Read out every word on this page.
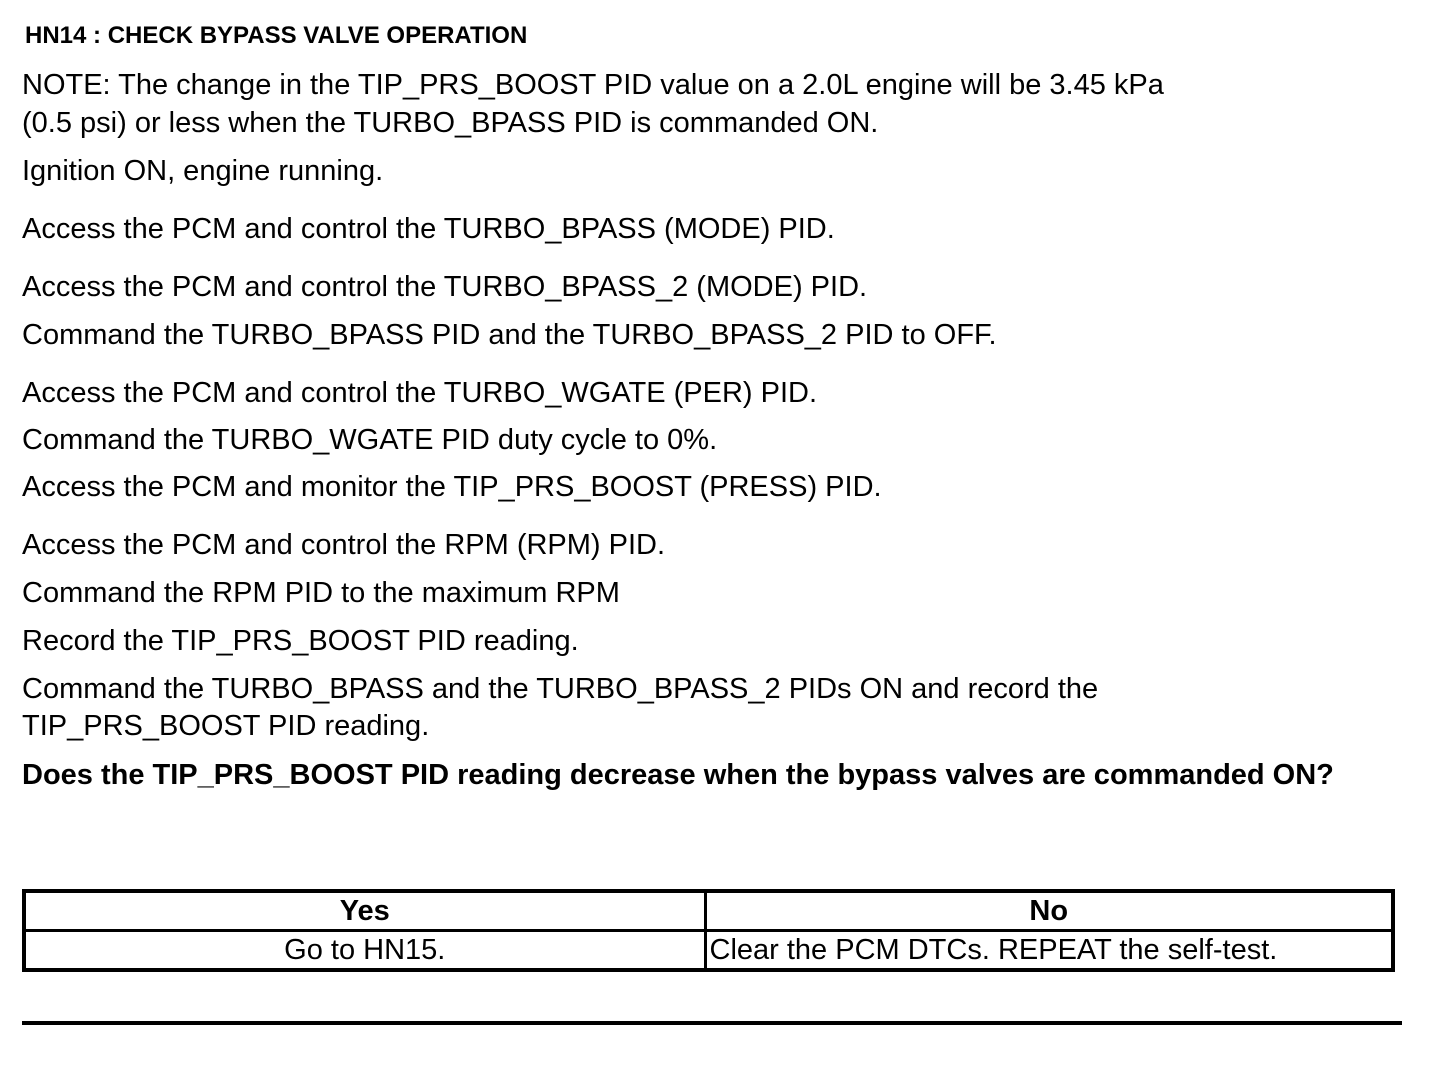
HN14 : CHECK BYPASS VALVE OPERATION
NOTE: The change in the TIP_PRS_BOOST PID value on a 2.0L engine will be 3.45 kPa
(0.5 psi) or less when the TURBO_BPASS PID is commanded ON.
Ignition ON, engine running.
Access the PCM and control the TURBO_BPASS (MODE) PID.
Access the PCM and control the TURBO_BPASS_2 (MODE) PID.
Command the TURBO_BPASS PID and the TURBO_BPASS_2 PID to OFF.
Access the PCM and control the TURBO_WGATE (PER) PID.
Command the TURBO_WGATE PID duty cycle to 0%.
Access the PCM and monitor the TIP_PRS_BOOST (PRESS) PID.
Access the PCM and control the RPM (RPM) PID.
Command the RPM PID to the maximum RPM
Record the TIP_PRS_BOOST PID reading.
Command the TURBO_BPASS and the TURBO_BPASS_2 PIDs ON and record the
TIP_PRS_BOOST PID reading.
Does the TIP_PRS_BOOST PID reading decrease when the bypass valves are commanded ON?
Yes	No
Go to HN15.	Clear the PCM DTCs. REPEAT the self-test.
